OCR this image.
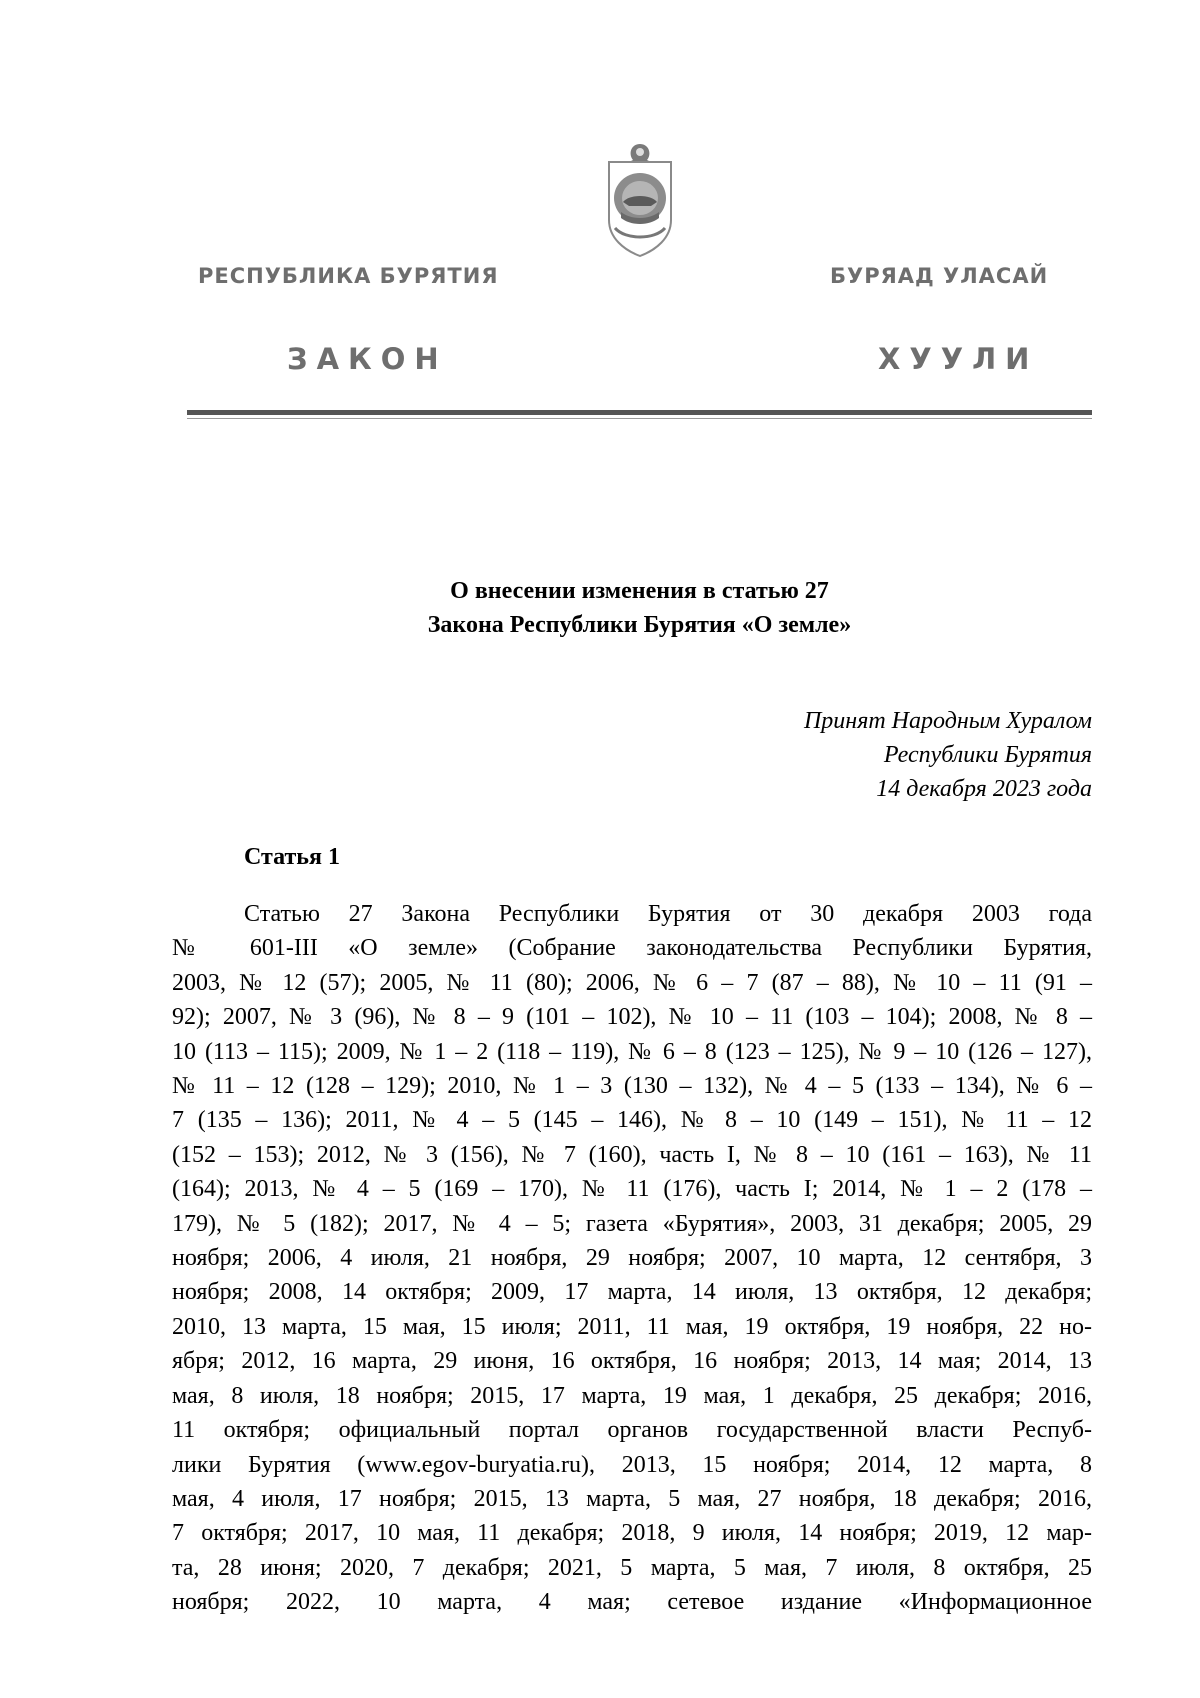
РЕСПУБЛИКА БУРЯТИЯ	БУРЯАД УЛАСАЙ
ЗАКОН	ХУУЛИ
О внесении изменения в статью 27
Закона Республики Бурятия «О земле»
Принят Народным Хуралом
Республики Бурятия
14 декабря 2023 года
Статья 1
Статью 27 Закона Республики Бурятия от 30 декабря 2003 года
№ 601-III «О земле» (Собрание законодательства Республики Бурятия,
2003, № 12 (57); 2005, № 11 (80); 2006, № 6 – 7 (87 – 88), № 10 – 11 (91 –
92); 2007, № 3 (96), № 8 – 9 (101 – 102), № 10 – 11 (103 – 104); 2008, № 8 –
10 (113 – 115); 2009, № 1 – 2 (118 – 119), № 6 – 8 (123 – 125), № 9 – 10 (126 – 127),
№ 11 – 12 (128 – 129); 2010, № 1 – 3 (130 – 132), № 4 – 5 (133 – 134), № 6 –
7 (135 – 136); 2011, № 4 – 5 (145 – 146), № 8 – 10 (149 – 151), № 11 – 12
(152 – 153); 2012, № 3 (156), № 7 (160), часть I, № 8 – 10 (161 – 163), № 11
(164); 2013, № 4 – 5 (169 – 170), № 11 (176), часть I; 2014, № 1 – 2 (178 –
179), № 5 (182); 2017, № 4 – 5; газета «Бурятия», 2003, 31 декабря; 2005, 29
ноября; 2006, 4 июля, 21 ноября, 29 ноября; 2007, 10 марта, 12 сентября, 3
ноября; 2008, 14 октября; 2009, 17 марта, 14 июля, 13 октября, 12 декабря;
2010, 13 марта, 15 мая, 15 июля; 2011, 11 мая, 19 октября, 19 ноября, 22 но-
ября; 2012, 16 марта, 29 июня, 16 октября, 16 ноября; 2013, 14 мая; 2014, 13
мая, 8 июля, 18 ноября; 2015, 17 марта, 19 мая, 1 декабря, 25 декабря; 2016,
11 октября; официальный портал органов государственной власти Респуб-
лики Бурятия (www.egov-buryatia.ru), 2013, 15 ноября; 2014, 12 марта, 8
мая, 4 июля, 17 ноября; 2015, 13 марта, 5 мая, 27 ноября, 18 декабря; 2016,
7 октября; 2017, 10 мая, 11 декабря; 2018, 9 июля, 14 ноября; 2019, 12 мар-
та, 28 июня; 2020, 7 декабря; 2021, 5 марта, 5 мая, 7 июля, 8 октября, 25
ноября; 2022, 10 марта, 4 мая; сетевое издание «Информационное
